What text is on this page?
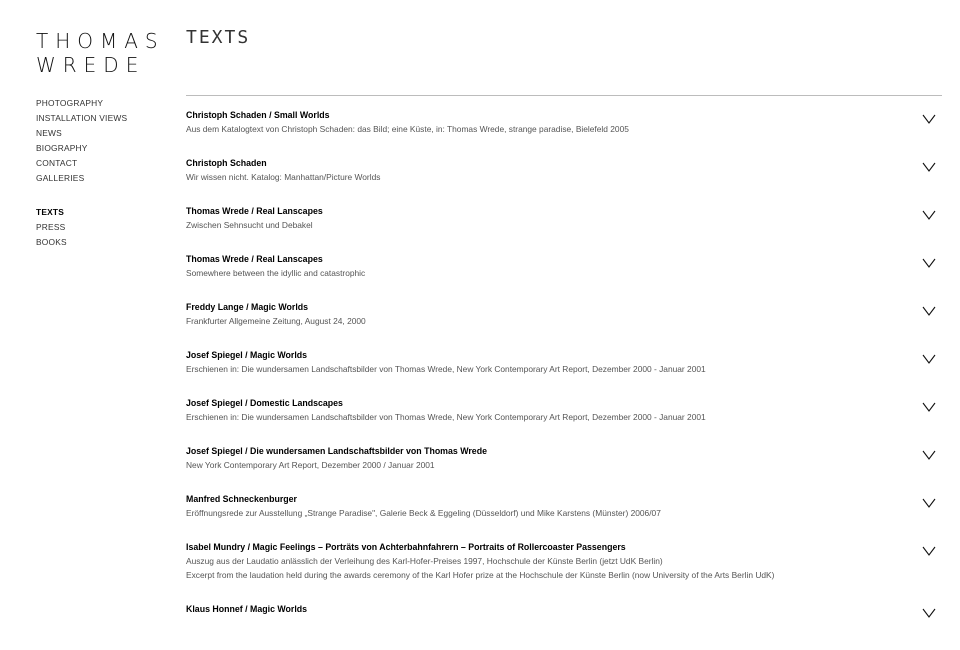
THOMAS
WREDE
PHOTOGRAPHY
INSTALLATION VIEWS
NEWS
BIOGRAPHY
CONTACT
GALLERIES
TEXTS
PRESS
BOOKS
TEXTS
Christoph Schaden / Small Worlds
Aus dem Katalogtext von Christoph Schaden: das Bild; eine Küste, in: Thomas Wrede, strange paradise, Bielefeld 2005
Christoph Schaden
Wir wissen nicht. Katalog: Manhattan/Picture Worlds
Thomas Wrede / Real Lanscapes
Zwischen Sehnsucht und Debakel
Thomas Wrede / Real Lanscapes
Somewhere between the idyllic and catastrophic
Freddy Lange / Magic Worlds
Frankfurter Allgemeine Zeitung, August 24, 2000
Josef Spiegel / Magic Worlds
Erschienen in: Die wundersamen Landschaftsbilder von Thomas Wrede, New York Contemporary Art Report, Dezember 2000 - Januar 2001
Josef Spiegel / Domestic Landscapes
Erschienen in: Die wundersamen Landschaftsbilder von Thomas Wrede, New York Contemporary Art Report, Dezember 2000 - Januar 2001
Josef Spiegel / Die wundersamen Landschaftsbilder von Thomas Wrede
New York Contemporary Art Report, Dezember 2000 / Januar 2001
Manfred Schneckenburger
Eröffnungsrede zur Ausstellung „Strange Paradise", Galerie Beck & Eggeling (Düsseldorf) und Mike Karstens (Münster) 2006/07
Isabel Mundry / Magic Feelings – Porträts von Achterbahnfahrern – Portraits of Rollercoaster Passengers
Auszug aus der Laudatio anlässlich der Verleihung des Karl-Hofer-Preises 1997, Hochschule der Künste Berlin (jetzt UdK Berlin)
Excerpt from the laudation held during the awards ceremony of the Karl Hofer prize at the Hochschule der Künste Berlin (now University of the Arts Berlin UdK)
Klaus Honnef / Magic Worlds
